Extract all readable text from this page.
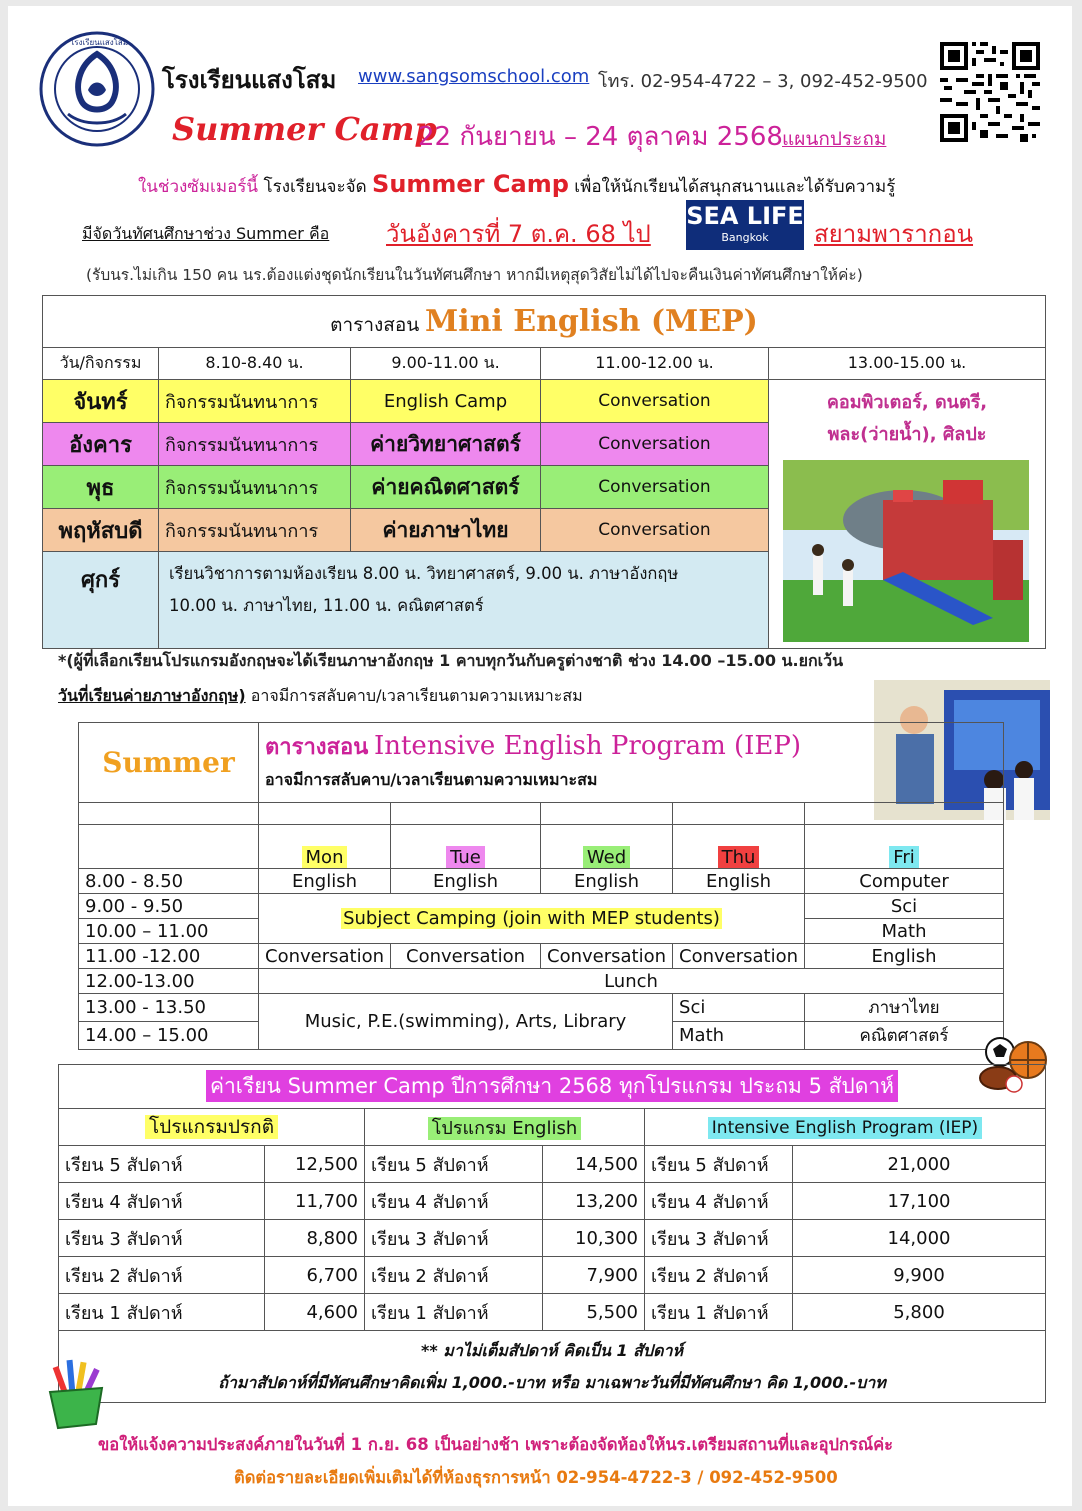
โรงเรียนแสงโสม
โรงเรียนแสงโสม www.sangsomschool.com โทร. 02-954-4722 – 3, 092-452-9500
Summer Camp
22 กันยายน – 24 ตุลาคม 2568 แผนกประถม
ในช่วงซัมเมอร์นี้ โรงเรียนจะจัด Summer Camp เพื่อให้นักเรียนได้สนุกสนานและได้รับความรู้
มีจัดวันทัศนศึกษาช่วง Summer คือ วันอังคารที่ 7 ต.ค. 68 ไป
SEA LIFE
Bangkok	สยามพารากอน
(รับนร.ไม่เกิน 150 คน นร.ต้องแต่งชุดนักเรียนในวันทัศนศึกษา หากมีเหตุสุดวิสัยไม่ได้ไปจะคืนเงินค่าทัศนศึกษาให้ค่ะ)
ตารางสอน Mini English (MEP)				
วัน/กิจกรรม	8.10-8.40 น.	9.00-11.00 น.	11.00-12.00 น.	13.00-15.00 น.
จันทร์	กิจกรรมนันทนาการ	English Camp	Conversation	คอมพิวเตอร์, ดนตรี,
พละ(ว่ายน้ำ), ศิลปะ

อังคาร	กิจกรรมนันทนาการ	ค่ายวิทยาศาสตร์	Conversation	
พุธ	กิจกรรมนันทนาการ	ค่ายคณิตศาสตร์	Conversation	
พฤหัสบดี	กิจกรรมนันทนาการ	ค่ายภาษาไทย	Conversation	
ศุกร์	เรียนวิชาการตามห้องเรียน 8.00 น. วิทยาศาสตร์, 9.00 น. ภาษาอังกฤษ
10.00 น. ภาษาไทย, 11.00 น. คณิตศาสตร์			
*(ผู้ที่เลือกเรียนโปรแกรมอังกฤษจะได้เรียนภาษาอังกฤษ 1 คาบทุกวันกับครูต่างชาติ ช่วง 14.00 –15.00 น.ยกเว้น
วันที่เรียนค่ายภาษาอังกฤษ) อาจมีการสลับคาบ/เวลาเรียนตามความเหมาะสม
Summer	ตารางสอน Intensive English Program (IEP)
อาจมีการสลับคาบ/เวลาเรียนตามความเหมาะสม				

	Mon	Tue	Wed	Thu	Fri
8.00 - 8.50	English	English	English	English	Computer
9.00 - 9.50	Subject Camping (join with MEP students)				Sci
10.00 – 11.00					Math
11.00 -12.00	Conversation	Conversation	Conversation	Conversation	English
12.00-13.00	Lunch				
13.00 - 13.50	Music, P.E.(swimming), Arts, Library			Sci	ภาษาไทย
14.00 – 15.00				Math	คณิตศาสตร์
ค่าเรียน Summer Camp ปีการศึกษา 2568 ทุกโปรแกรม ประถม 5 สัปดาห์					
โปรแกรมปรกติ		โปรแกรม English		Intensive English Program (IEP)	
เรียน 5 สัปดาห์	12,500	เรียน 5 สัปดาห์	14,500	เรียน 5 สัปดาห์	21,000
เรียน 4 สัปดาห์	11,700	เรียน 4 สัปดาห์	13,200	เรียน 4 สัปดาห์	17,100
เรียน 3 สัปดาห์	8,800	เรียน 3 สัปดาห์	10,300	เรียน 3 สัปดาห์	14,000
เรียน 2 สัปดาห์	6,700	เรียน 2 สัปดาห์	7,900	เรียน 2 สัปดาห์	9,900
เรียน 1 สัปดาห์	4,600	เรียน 1 สัปดาห์	5,500	เรียน 1 สัปดาห์	5,800

** มาไม่เต็มสัปดาห์ คิดเป็น 1 สัปดาห์
ถ้ามาสัปดาห์ที่มีทัศนศึกษาคิดเพิ่ม 1,000.-บาท หรือ มาเฉพาะวันที่มีทัศนศึกษา คิด 1,000.-บาท					
ขอให้แจ้งความประสงค์ภายในวันที่ 1 ก.ย. 68 เป็นอย่างช้า เพราะต้องจัดห้องให้นร.เตรียมสถานที่และอุปกรณ์ค่ะ
ติดต่อรายละเอียดเพิ่มเติมได้ที่ห้องธุรการหน้า 02-954-4722-3 / 092-452-9500
